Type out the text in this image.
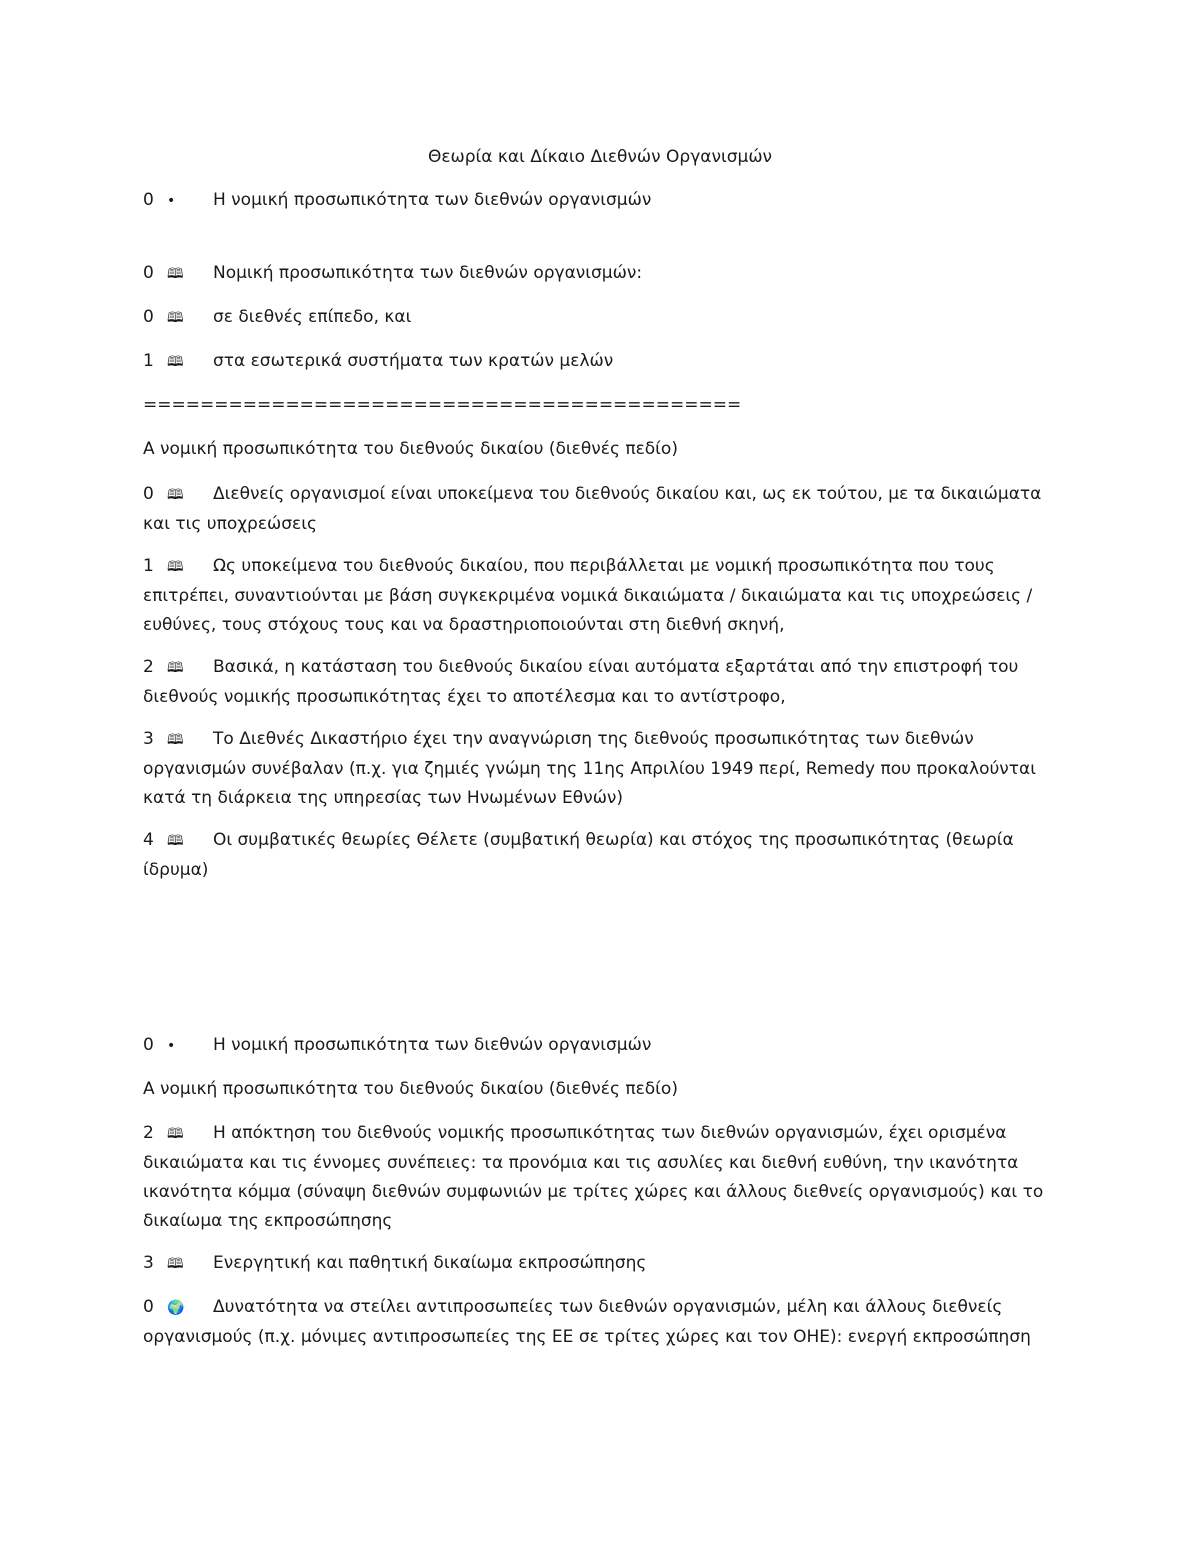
Θεωρία και Δίκαιο Διεθνών Οργανισμών
0 • Η νομική προσωπικότητα των διεθνών οργανισμών
0 🕮 Νομική προσωπικότητα των διεθνών οργανισμών:
0 🕮 σε διεθνές επίπεδο, και
1 🕮 στα εσωτερικά συστήματα των κρατών μελών
==========================================
Α νομική προσωπικότητα του διεθνούς δικαίου (διεθνές πεδίο)
0 🕮 Διεθνείς οργανισμοί είναι υποκείμενα του διεθνούς δικαίου και, ως εκ τούτου, με τα δικαιώματα και τις υποχρεώσεις
1 🕮 Ως υποκείμενα του διεθνούς δικαίου, που περιβάλλεται με νομική προσωπικότητα που τους επιτρέπει, συναντιούνται με βάση συγκεκριμένα νομικά δικαιώματα / δικαιώματα και τις υποχρεώσεις / ευθύνες, τους στόχους τους και να δραστηριοποιούνται στη διεθνή σκηνή,
2 🕮 Βασικά, η κατάσταση του διεθνούς δικαίου είναι αυτόματα εξαρτάται από την επιστροφή του διεθνούς νομικής προσωπικότητας έχει το αποτέλεσμα και το αντίστροφο,
3 🕮 Το Διεθνές Δικαστήριο έχει την αναγνώριση της διεθνούς προσωπικότητας των διεθνών οργανισμών συνέβαλαν (π.χ. για ζημιές γνώμη της 11ης Απριλίου 1949 περί, Remedy που προκαλούνται κατά τη διάρκεια της υπηρεσίας των Ηνωμένων Εθνών)
4 🕮 Οι συμβατικές θεωρίες Θέλετε (συμβατική θεωρία) και στόχος της προσωπικότητας (θεωρία ίδρυμα)
0 • Η νομική προσωπικότητα των διεθνών οργανισμών
Α νομική προσωπικότητα του διεθνούς δικαίου (διεθνές πεδίο)
2 🕮 Η απόκτηση του διεθνούς νομικής προσωπικότητας των διεθνών οργανισμών, έχει ορισμένα δικαιώματα και τις έννομες συνέπειες: τα προνόμια και τις ασυλίες και διεθνή ευθύνη, την ικανότητα ικανότητα κόμμα (σύναψη διεθνών συμφωνιών με τρίτες χώρες και άλλους διεθνείς οργανισμούς) και το δικαίωμα της εκπροσώπησης
3 🕮 Ενεργητική και παθητική δικαίωμα εκπροσώπησης
0 🌍 Δυνατότητα να στείλει αντιπροσωπείες των διεθνών οργανισμών, μέλη και άλλους διεθνείς οργανισμούς (π.χ. μόνιμες αντιπροσωπείες της ΕΕ σε τρίτες χώρες και τον ΟΗΕ): ενεργή εκπροσώπηση
